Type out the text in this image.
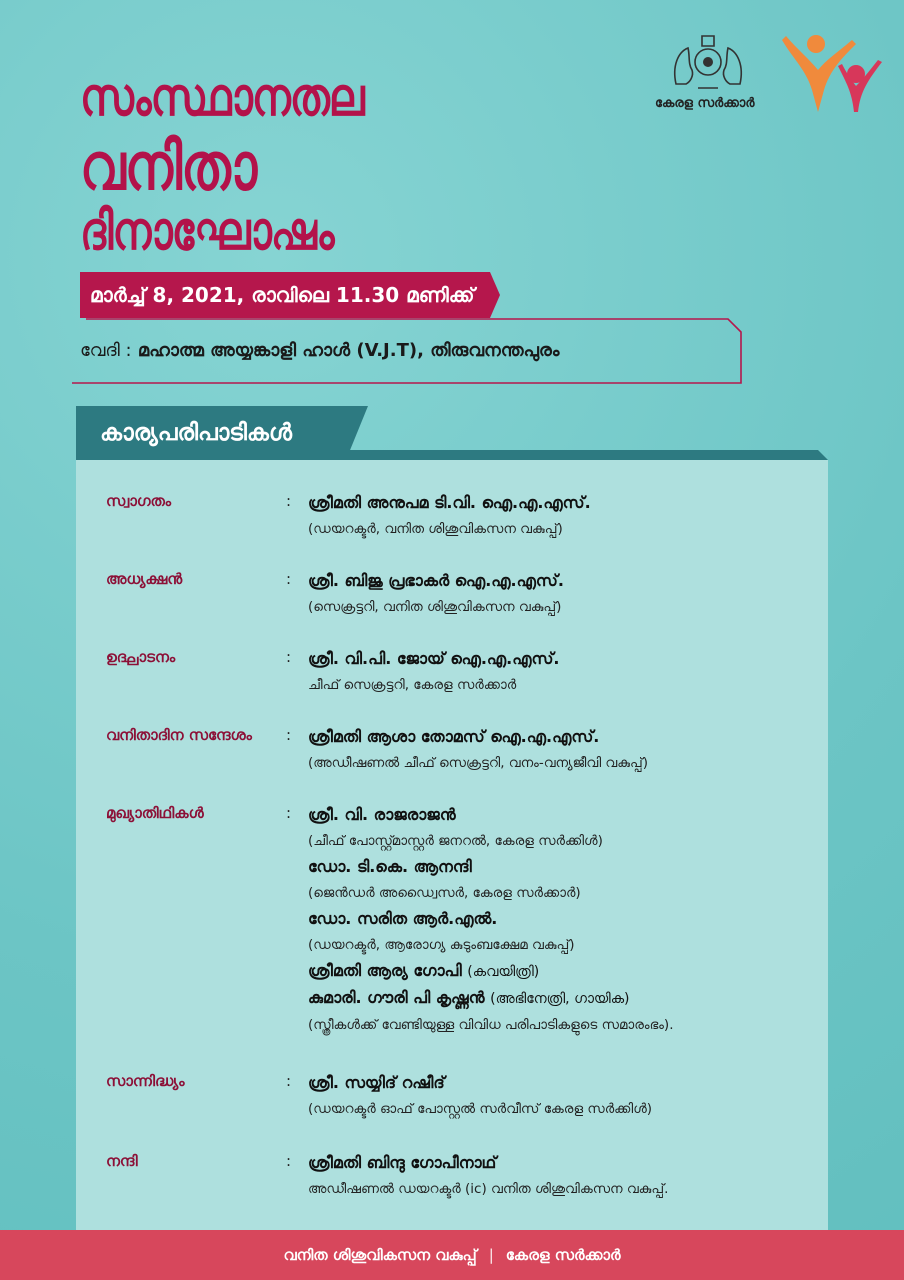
സംസ്ഥാനതല
വനിതാ
ദിനാഘോഷം
കേരള സർക്കാർ
മാർച്ച് 8, 2021, രാവിലെ 11.30 മണിക്ക്
വേദി : മഹാത്മ അയ്യങ്കാളി ഹാൾ (V.J.T), തിരുവനന്തപുരം
കാര്യപരിപാടികൾ
സ്വാഗതം	: ശ്രീമതി അനുപമ ടി.വി. ഐ.എ.എസ്.
(ഡയറക്ടർ, വനിത ശിശുവികസന വകുപ്പ്)
അധ്യക്ഷൻ	: ശ്രീ. ബിജു പ്രഭാകർ ഐ.എ.എസ്.
(സെക്രട്ടറി, വനിത ശിശുവികസന വകുപ്പ്)
ഉദ്ഘാടനം	: ശ്രീ. വി.പി. ജോയ് ഐ.എ.എസ്.
ചീഫ് സെക്രട്ടറി, കേരള സർക്കാർ
വനിതാദിന സന്ദേശം : ശ്രീമതി ആശാ തോമസ് ഐ.എ.എസ്.
(അഡീഷണൽ ചീഫ് സെക്രട്ടറി, വനം-വന്യജീവി വകുപ്പ്)
മുഖ്യാതിഥികൾ	: ശ്രീ. വി. രാജരാജൻ
(ചീഫ് പോസ്റ്റ്മാസ്റ്റർ ജനറൽ, കേരള സർക്കിൾ)
ഡോ. ടി.കെ. ആനന്ദി
(ജെൻഡർ അഡ്വൈസർ, കേരള സർക്കാർ)
ഡോ. സരിത ആർ.എൽ.
(ഡയറക്ടർ, ആരോഗ്യ കുടുംബക്ഷേമ വകുപ്പ്)
ശ്രീമതി ആര്യ ഗോപി (കവയിത്രി)
കുമാരി. ഗൗരി പി കൃഷ്ണൻ (അഭിനേത്രി, ഗായിക)
(സ്ത്രീകൾക്ക് വേണ്ടിയുള്ള വിവിധ പരിപാടികളുടെ സമാരംഭം).
സാന്നിദ്ധ്യം	: ശ്രീ. സയ്യിദ് റഷീദ്
(ഡയറക്ടർ ഓഫ് പോസ്റ്റൽ സർവീസ് കേരള സർക്കിൾ)
നന്ദി	: ശ്രീമതി ബിന്ദു ഗോപീനാഥ്
അഡീഷണൽ ഡയറക്ടർ (ic) വനിത ശിശുവികസന വകുപ്പ്.
വനിത ശിശുവികസന വകുപ്പ് | കേരള സർക്കാർ
